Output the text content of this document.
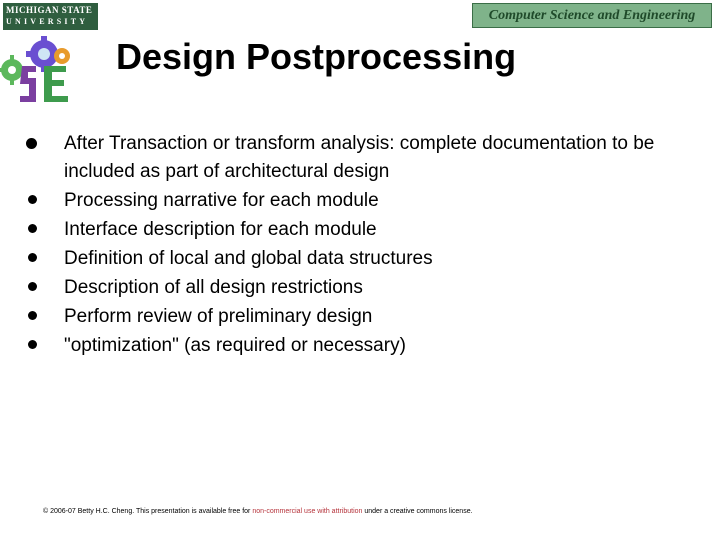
MICHIGAN STATE
UNIVERSITY	Computer Science and Engineering
Design Postprocessing
After Transaction or transform analysis: complete documentation to be included as part of architectural design
Processing narrative for each module
Interface description for each module
Definition of local and global data structures
Description of all design restrictions
Perform review of preliminary design
"optimization" (as required or necessary)
© 2006-07 Betty H.C. Cheng. This presentation is available free for non-commercial use with attribution under a creative commons license.
